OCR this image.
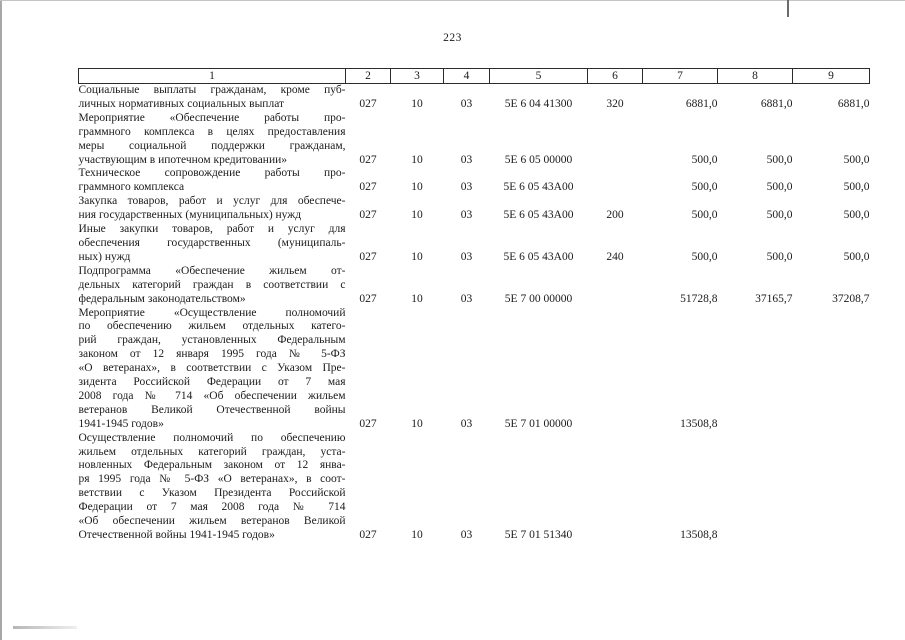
223
1	2	3	4	5	6	7	8	9

Социальные выплаты гражданам, кроме пуб-
личных нормативных социальных выплат	027	10	03	5Е 6 04 41300	320	6881,0	6881,0	6881,0

Мероприятие «Обеспечение работы про-
граммного комплекса в целях предоставления
меры социальной поддержки гражданам,
участвующим в ипотечном кредитовании»	027	10	03	5Е 6 05 00000		500,0	500,0	500,0

Техническое сопровождение работы про-
граммного комплекса	027	10	03	5Е 6 05 43А00		500,0	500,0	500,0

Закупка товаров, работ и услуг для обеспече-
ния государственных (муниципальных) нужд	027	10	03	5Е 6 05 43А00	200	500,0	500,0	500,0

Иные закупки товаров, работ и услуг для
обеспечения государственных (муниципаль-
ных) нужд	027	10	03	5Е 6 05 43А00	240	500,0	500,0	500,0

Подпрограмма «Обеспечение жильем от-
дельных категорий граждан в соответствии с
федеральным законодательством»	027	10	03	5Е 7 00 00000		51728,8	37165,7	37208,7

Мероприятие «Осуществление полномочий
по обеспечению жильем отдельных катего-
рий граждан, установленных Федеральным
законом от 12 января 1995 года № 5-ФЗ
«О ветеранах», в соответствии с Указом Пре-
зидента Российской Федерации от 7 мая
2008 года № 714 «Об обеспечении жильем
ветеранов Великой Отечественной войны
1941-1945 годов»	027	10	03	5Е 7 01 00000		13508,8		

Осуществление полномочий по обеспечению
жильем отдельных категорий граждан, уста-
новленных Федеральным законом от 12 янва-
ря 1995 года № 5-ФЗ «О ветеранах», в соот-
ветствии с Указом Президента Российской
Федерации от 7 мая 2008 года № 714
«Об обеспечении жильем ветеранов Великой
Отечественной войны 1941-1945 годов»	027	10	03	5Е 7 01 51340		13508,8		
